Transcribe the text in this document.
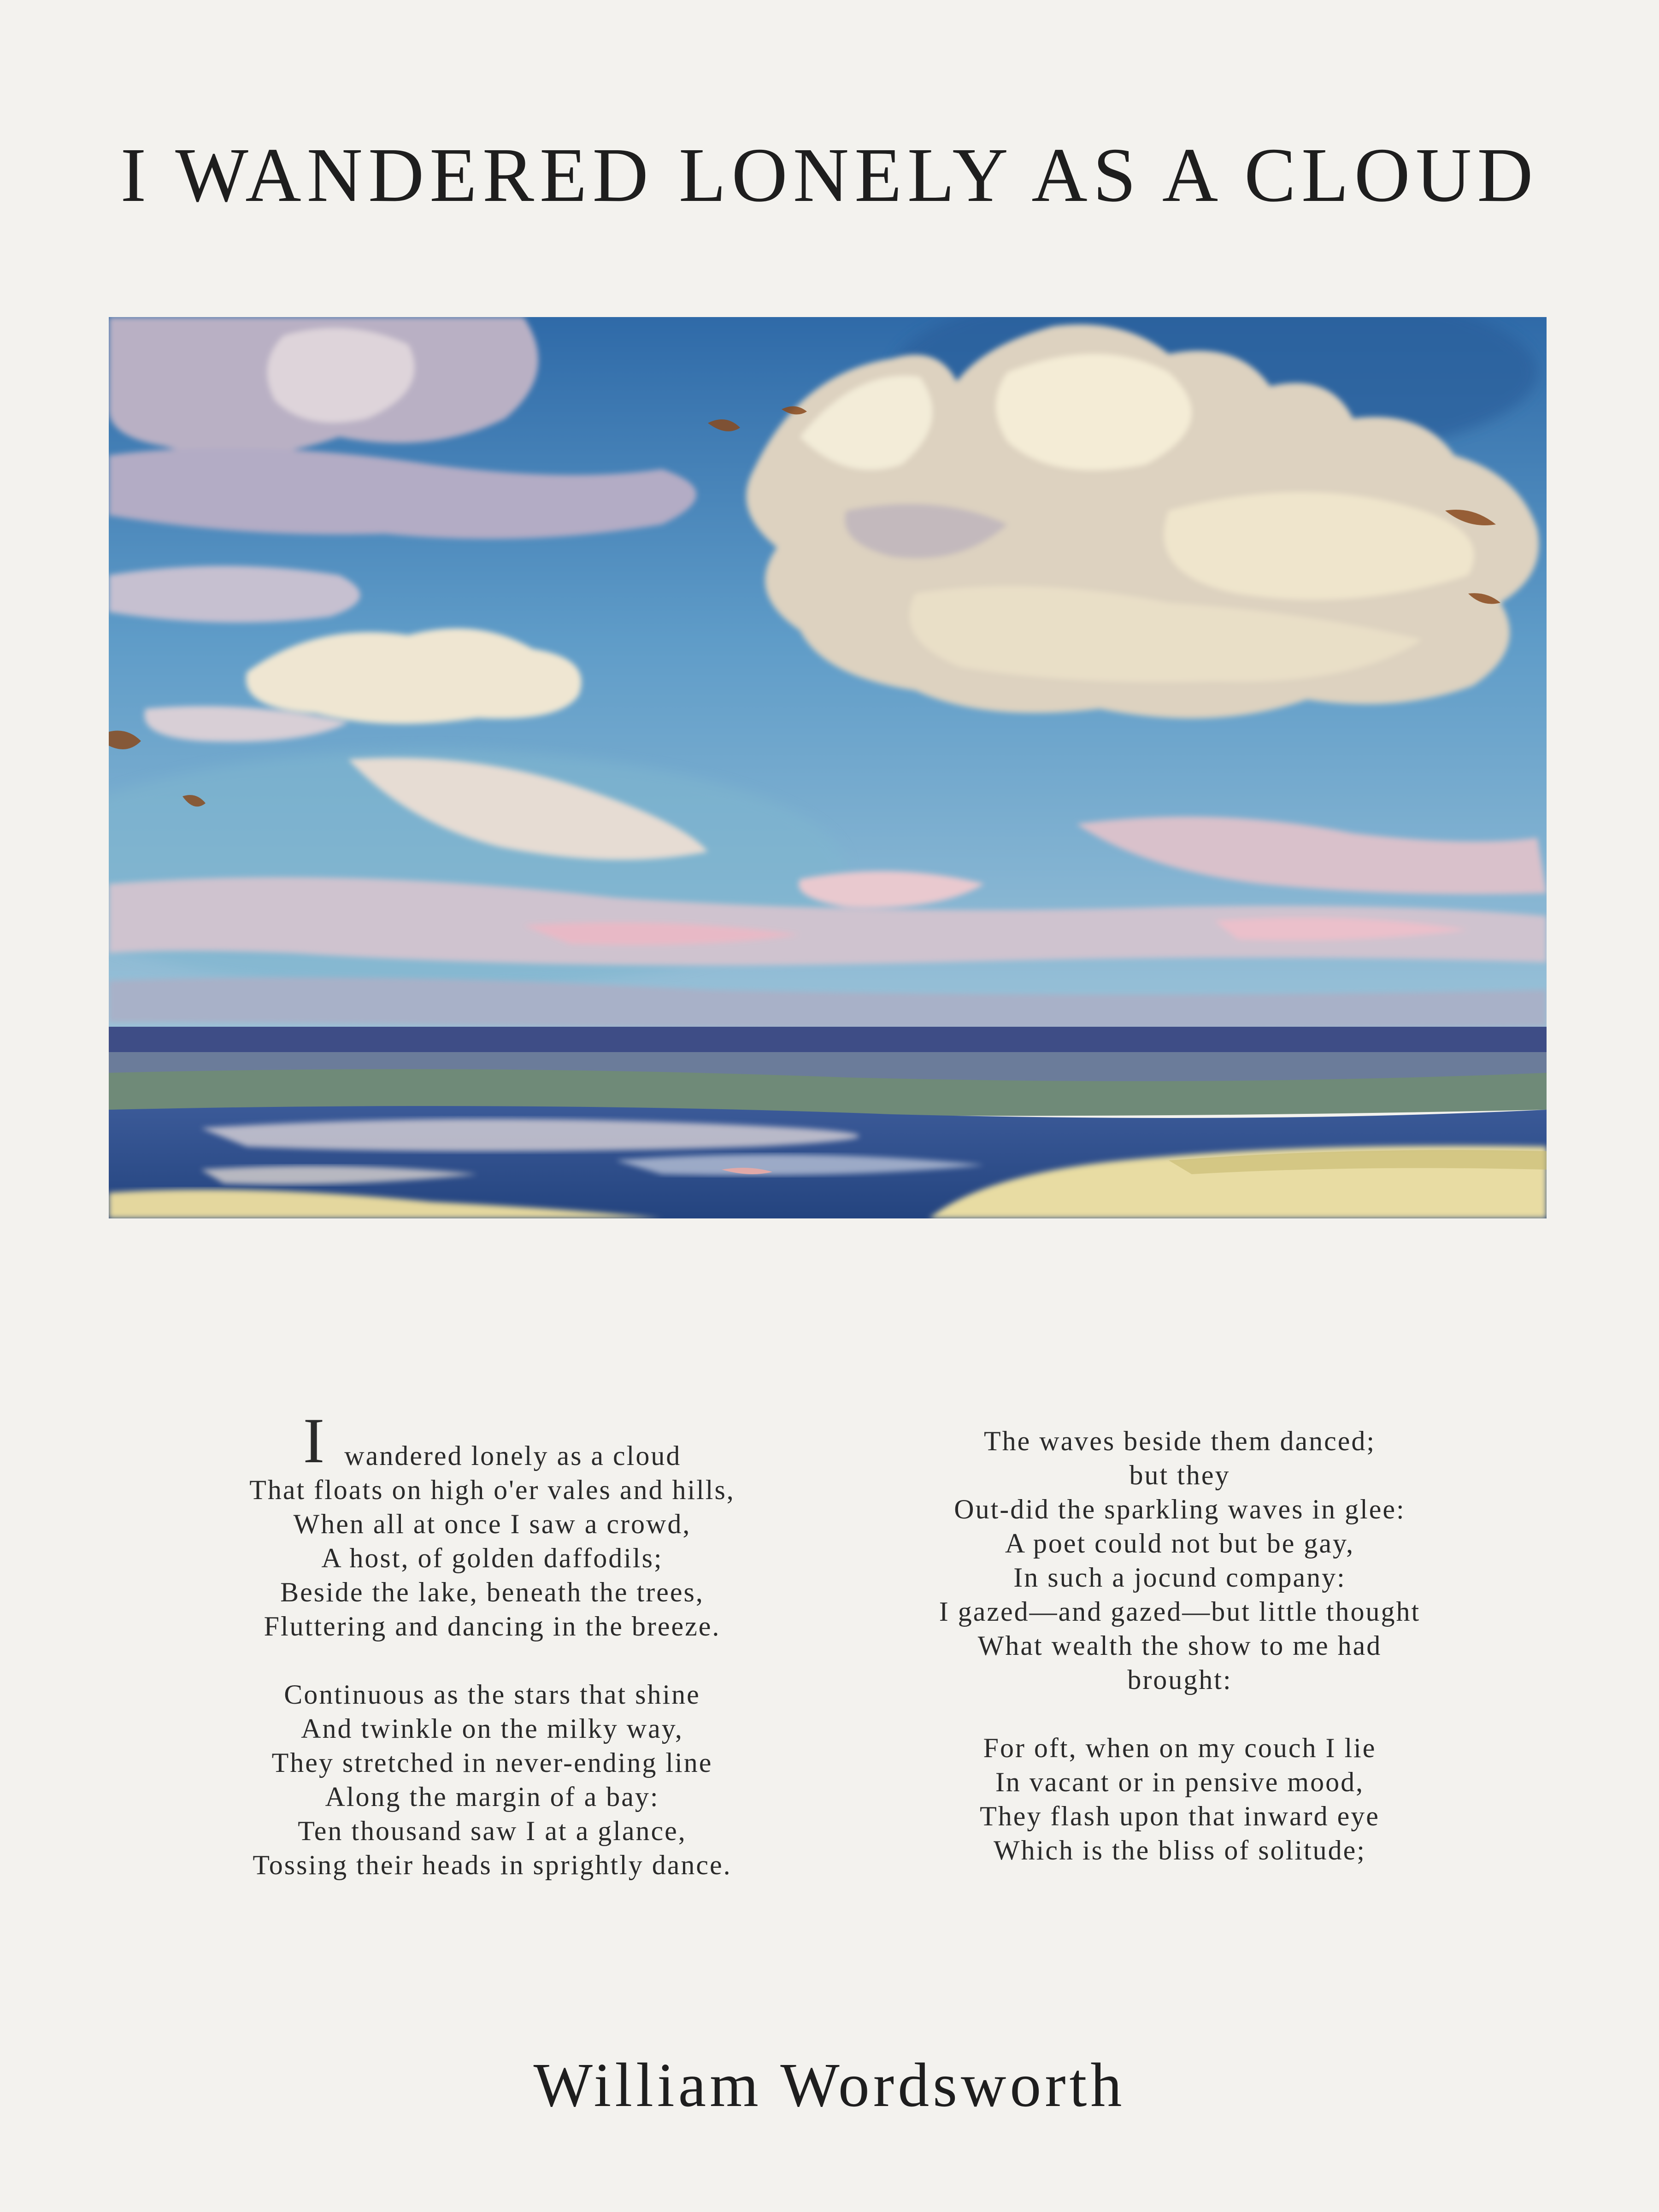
I WANDERED LONELY AS A CLOUD
Iwandered lonely as a cloud
That floats on high o'er vales and hills,
When all at once I saw a crowd,
A host, of golden daffodils;
Beside the lake, beneath the trees,
Fluttering and dancing in the breeze.
Continuous as the stars that shine
And twinkle on the milky way,
They stretched in never-ending line
Along the margin of a bay:
Ten thousand saw I at a glance,
Tossing their heads in sprightly dance.
The waves beside them danced; but they
Out-did the sparkling waves in glee:
A poet could not but be gay,
In such a jocund company:
I gazed—and gazed—but little thought
What wealth the show to me had brought:
For oft, when on my couch I lie
In vacant or in pensive mood,
They flash upon that inward eye
Which is the bliss of solitude;
William Wordsworth
